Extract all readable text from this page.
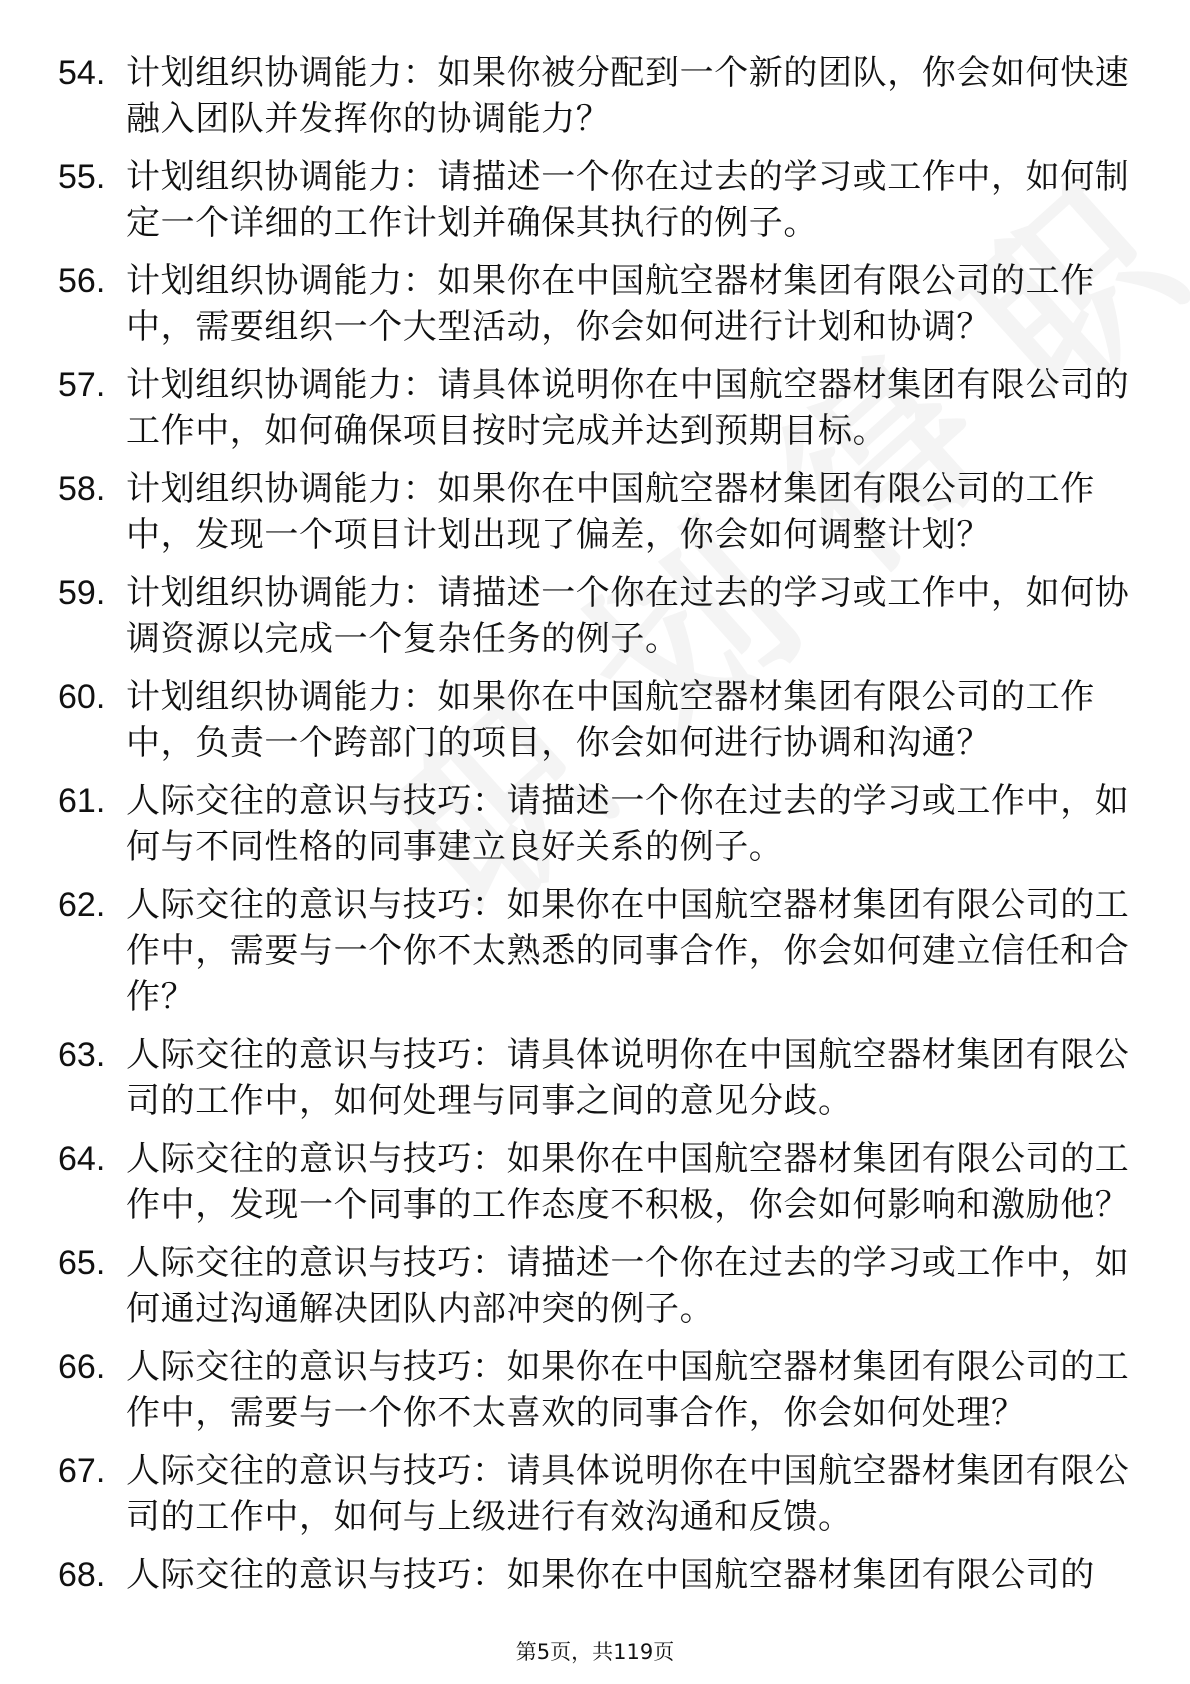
54. 计划组织协调能力：如果你被分配到一个新的团队，你会如何快速融入团队并发挥你的协调能力？
55. 计划组织协调能力：请描述一个你在过去的学习或工作中，如何制定一个详细的工作计划并确保其执行的例子。
56. 计划组织协调能力：如果你在中国航空器材集团有限公司的工作中，需要组织一个大型活动，你会如何进行计划和协调？
57. 计划组织协调能力：请具体说明你在中国航空器材集团有限公司的工作中，如何确保项目按时完成并达到预期目标。
58. 计划组织协调能力：如果你在中国航空器材集团有限公司的工作中，发现一个项目计划出现了偏差，你会如何调整计划？
59. 计划组织协调能力：请描述一个你在过去的学习或工作中，如何协调资源以完成一个复杂任务的例子。
60. 计划组织协调能力：如果你在中国航空器材集团有限公司的工作中，负责一个跨部门的项目，你会如何进行协调和沟通？
61. 人际交往的意识与技巧：请描述一个你在过去的学习或工作中，如何与不同性格的同事建立良好关系的例子。
62. 人际交往的意识与技巧：如果你在中国航空器材集团有限公司的工作中，需要与一个你不太熟悉的同事合作，你会如何建立信任和合作？
63. 人际交往的意识与技巧：请具体说明你在中国航空器材集团有限公司的工作中，如何处理与同事之间的意见分歧。
64. 人际交往的意识与技巧：如果你在中国航空器材集团有限公司的工作中，发现一个同事的工作态度不积极，你会如何影响和激励他？
65. 人际交往的意识与技巧：请描述一个你在过去的学习或工作中，如何通过沟通解决团队内部冲突的例子。
66. 人际交往的意识与技巧：如果你在中国航空器材集团有限公司的工作中，需要与一个你不太喜欢的同事合作，你会如何处理？
67. 人际交往的意识与技巧：请具体说明你在中国航空器材集团有限公司的工作中，如何与上级进行有效沟通和反馈。
68. 人际交往的意识与技巧：如果你在中国航空器材集团有限公司的
第5页，共119页
